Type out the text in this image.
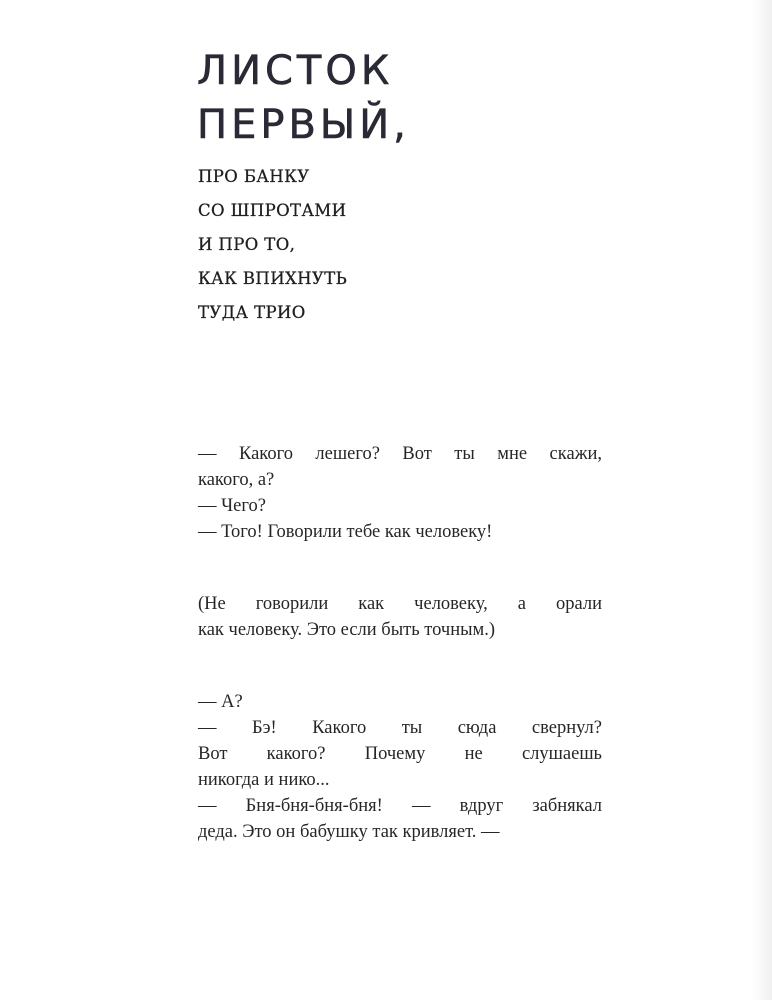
ЛИСТОК
ПЕРВЫЙ,
ПРО БАНКУ
СО ШПРОТАМИ
И ПРО ТО,
КАК ВПИХНУТЬ
ТУДА ТРИО
— Какого лешего? Вот ты мне скажи,
какого, а?
— Чего?
— Того! Говорили тебе как человеку!
(Не говорили как человеку, а орали
как человеку. Это если быть точным.)
— А?
— Бэ! Какого ты сюда свернул?
Вот какого? Почему не слушаешь
никогда и нико...
— Бня-бня-бня-бня! — вдруг забнякал
деда. Это он бабушку так кривляет. —
